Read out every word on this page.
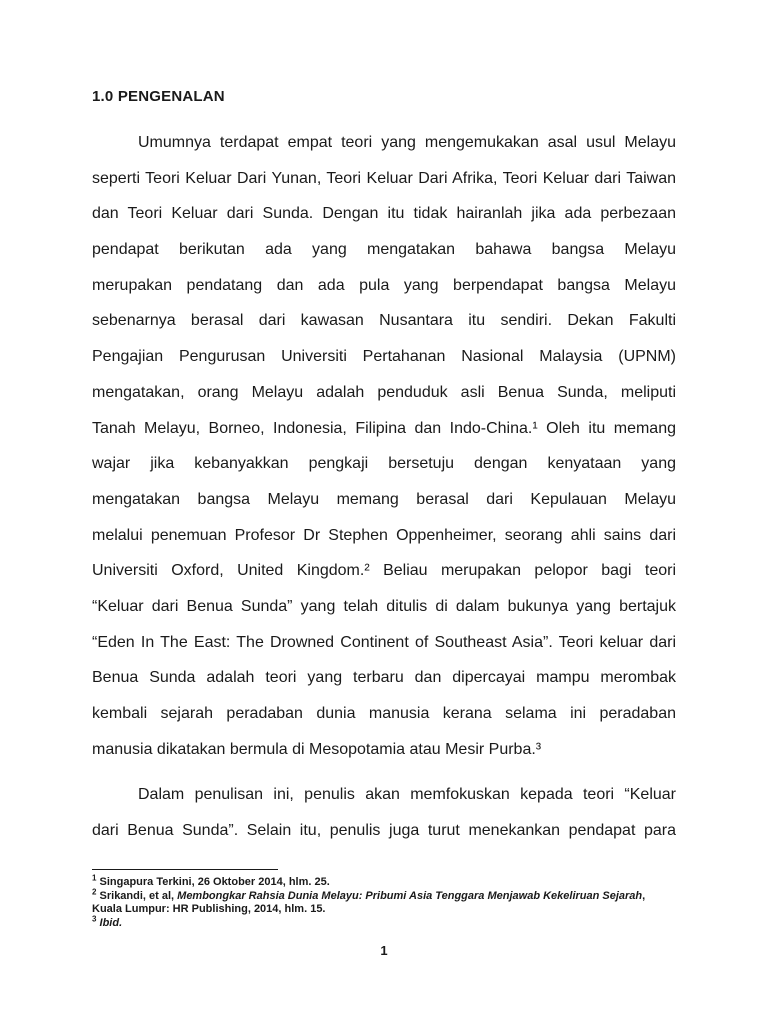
1.0 PENGENALAN
Umumnya terdapat empat teori yang mengemukakan asal usul Melayu
seperti Teori Keluar Dari Yunan, Teori Keluar Dari Afrika, Teori Keluar dari Taiwan
dan Teori Keluar dari Sunda. Dengan itu tidak hairanlah jika ada perbezaan
pendapat berikutan ada yang mengatakan bahawa bangsa Melayu
merupakan pendatang dan ada pula yang berpendapat bangsa Melayu
sebenarnya berasal dari kawasan Nusantara itu sendiri. Dekan Fakulti
Pengajian Pengurusan Universiti Pertahanan Nasional Malaysia (UPNM)
mengatakan, orang Melayu adalah penduduk asli Benua Sunda, meliputi
Tanah Melayu, Borneo, Indonesia, Filipina dan Indo-China.¹ Oleh itu memang
wajar jika kebanyakkan pengkaji bersetuju dengan kenyataan yang
mengatakan bangsa Melayu memang berasal dari Kepulauan Melayu
melalui penemuan Profesor Dr Stephen Oppenheimer, seorang ahli sains dari
Universiti Oxford, United Kingdom.² Beliau merupakan pelopor bagi teori
“Keluar dari Benua Sunda” yang telah ditulis di dalam bukunya yang bertajuk
“Eden In The East: The Drowned Continent of Southeast Asia”. Teori keluar dari
Benua Sunda adalah teori yang terbaru dan dipercayai mampu merombak
kembali sejarah peradaban dunia manusia kerana selama ini peradaban
manusia dikatakan bermula di Mesopotamia atau Mesir Purba.³
Dalam penulisan ini, penulis akan memfokuskan kepada teori “Keluar
dari Benua Sunda”. Selain itu, penulis juga turut menekankan pendapat para
$^1$ Singapura Terkini, 26 Oktober 2014, hlm. 25.
$^2$ Srikandi, et al, Membongkar Rahsia Dunia Melayu: Pribumi Asia Tenggara Menjawab Kekeliruan Sejarah,
Kuala Lumpur: HR Publishing, 2014, hlm. 15.
$^3$ Ibid.
1
